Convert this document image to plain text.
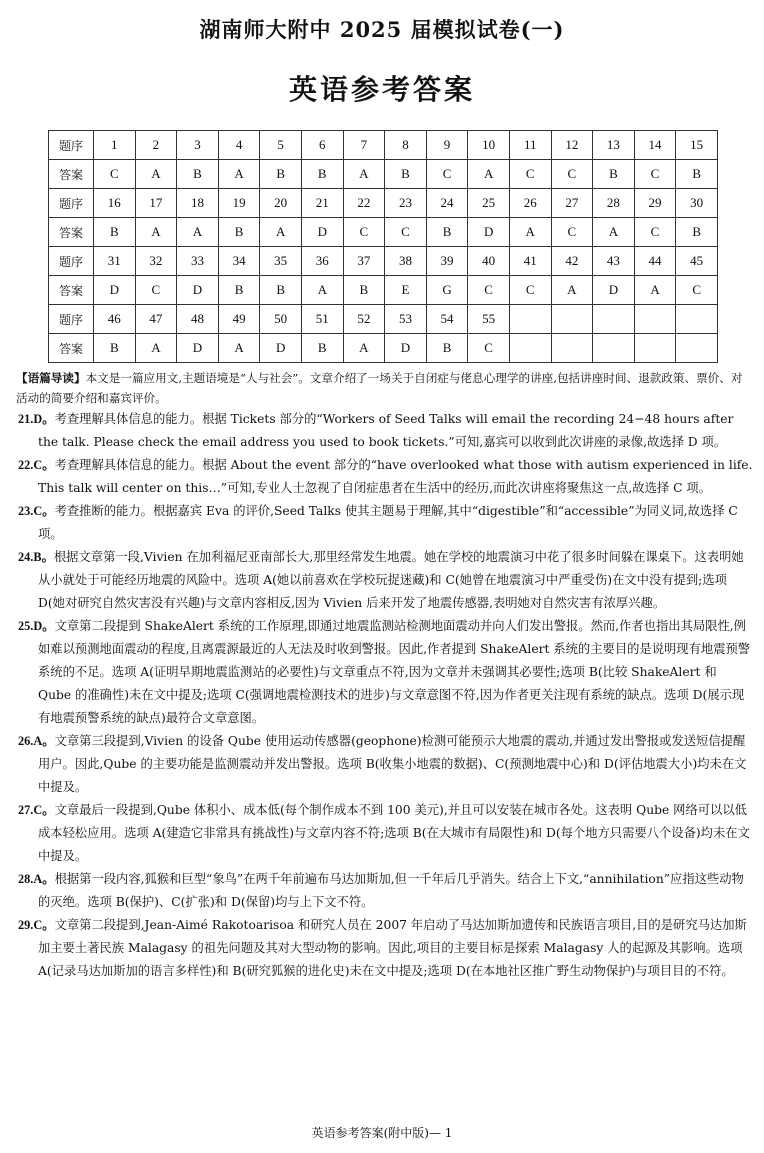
湖南师大附中 2025 届模拟试卷(一)
英语参考答案
题序	1	2	3	4	5	6	7	8	9	10	11	12	13	14	15
答案	C	A	B	A	B	B	A	B	C	A	C	C	B	C	B
题序	16	17	18	19	20	21	22	23	24	25	26	27	28	29	30
答案	B	A	A	B	A	D	C	C	B	D	A	C	A	C	B
题序	31	32	33	34	35	36	37	38	39	40	41	42	43	44	45
答案	D	C	D	B	B	A	B	E	G	C	C	A	D	A	C
题序	46	47	48	49	50	51	52	53	54	55					
答案	B	A	D	A	D	B	A	D	B	C					

【语篇导读】本文是一篇应用文,主题语境是“人与社会”。文章介绍了一场关于自闭症与佬息心理学的讲座,包括讲座时间、退款政策、票价、对活动的简要介绍和嘉宾评价。

21.D。考查理解具体信息的能力。根据 Tickets 部分的“Workers of Seed Talks will email the recording 24−48 hours after the talk. Please check the email address you used to book tickets.”可知,嘉宾可以收到此次讲座的录像,故选择 D 项。

22.C。考查理解具体信息的能力。根据 About the event 部分的“have overlooked what those with autism experienced in life. This talk will center on this…”可知,专业人士忽视了自闭症患者在生活中的经历,而此次讲座将聚焦这一点,故选择 C 项。

23.C。考查推断的能力。根据嘉宾 Eva 的评价,Seed Talks 使其主题易于理解,其中“digestible”和“accessible”为同义词,故选择 C 项。

24.B。根据文章第一段,Vivien 在加利福尼亚南部长大,那里经常发生地震。她在学校的地震演习中花了很多时间躲在课桌下。这表明她从小就处于可能经历地震的风险中。选项 A(她以前喜欢在学校玩捉迷藏)和 C(她曾在地震演习中严重受伤)在文中没有提到;选项 D(她对研究自然灾害没有兴趣)与文章内容相反,因为 Vivien 后来开发了地震传感器,表明她对自然灾害有浓厚兴趣。

25.D。文章第二段提到 ShakeAlert 系统的工作原理,即通过地震监测站检测地面震动并向人们发出警报。然而,作者也指出其局限性,例如难以预测地面震动的程度,且离震源最近的人无法及时收到警报。因此,作者提到 ShakeAlert 系统的主要目的是说明现有地震预警系统的不足。选项 A(证明早期地震监测站的必要性)与文章重点不符,因为文章并未强调其必要性;选项 B(比较 ShakeAlert 和 Qube 的准确性)未在文中提及;选项 C(强调地震检测技术的进步)与文章意图不符,因为作者更关注现有系统的缺点。选项 D(展示现有地震预警系统的缺点)最符合文章意图。

26.A。文章第三段提到,Vivien 的设备 Qube 使用运动传感器(geophone)检测可能预示大地震的震动,并通过发出警报或发送短信提醒用户。因此,Qube 的主要功能是监测震动并发出警报。选项 B(收集小地震的数据)、C(预测地震中心)和 D(评估地震大小)均未在文中提及。

27.C。文章最后一段提到,Qube 体积小、成本低(每个制作成本不到 100 美元),并且可以安装在城市各处。这表明 Qube 网络可以以低成本轻松应用。选项 A(建造它非常具有挑战性)与文章内容不符;选项 B(在大城市有局限性)和 D(每个地方只需要八个设备)均未在文中提及。

28.A。根据第一段内容,狐猴和巨型“象鸟”在两千年前遍布马达加斯加,但一千年后几乎消失。结合上下文,“annihilation”应指这些动物的灭绝。选项 B(保护)、C(扩张)和 D(保留)均与上下文不符。

29.C。文章第二段提到,Jean-Aimé Rakotoarisoa 和研究人员在 2007 年启动了马达加斯加遗传和民族语言项目,目的是研究马达加斯加主要土著民族 Malagasy 的祖先问题及其对大型动物的影响。因此,项目的主要目标是探索 Malagasy 人的起源及其影响。选项 A(记录马达加斯加的语言多样性)和 B(研究狐猴的进化史)未在文中提及;选项 D(在本地社区推广野生动物保护)与项目目的不符。

英语参考答案(附中版)— 1
